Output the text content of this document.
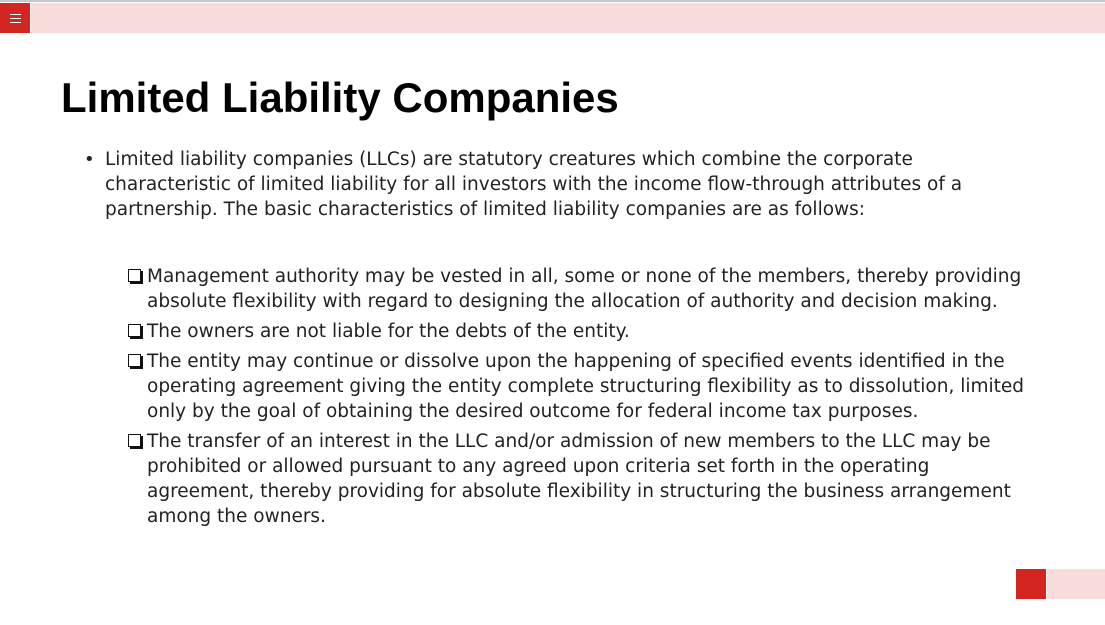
Limited Liability Companies
• Limited liability companies (LLCs) are statutory creatures which combine the corporate characteristic of limited liability for all investors with the income flow-through attributes of a partnership. The basic characteristics of limited liability companies are as follows:
Management authority may be vested in all, some or none of the members, thereby providing absolute flexibility with regard to designing the allocation of authority and decision making.
The owners are not liable for the debts of the entity.
The entity may continue or dissolve upon the happening of specified events identified in the operating agreement giving the entity complete structuring flexibility as to dissolution, limited only by the goal of obtaining the desired outcome for federal income tax purposes.
The transfer of an interest in the LLC and/or admission of new members to the LLC may be prohibited or allowed pursuant to any agreed upon criteria set forth in the operating agreement, thereby providing for absolute flexibility in structuring the business arrangement among the owners.
